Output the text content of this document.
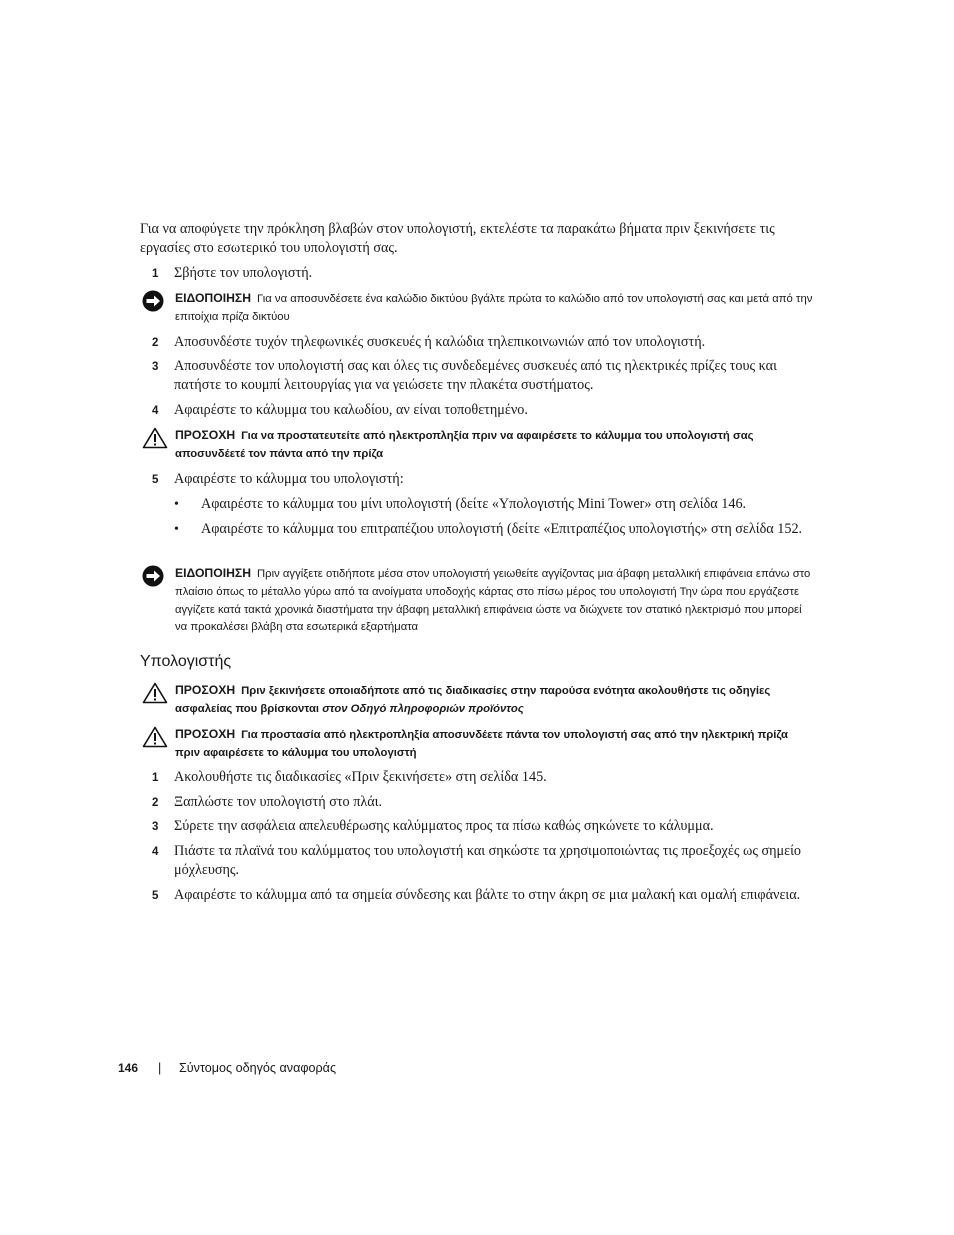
Για να αποφύγετε την πρόκληση βλαβών στον υπολογιστή, εκτελέστε τα παρακάτω βήματα πριν ξεκινήσετε τις εργασίες στο εσωτερικό του υπολογιστή σας.
1 Σβήστε τον υπολογιστή.
ΕΙΔΟΠΟΙΗΣΗ Για να αποσυνδέσετε ένα καλώδιο δικτύου βγάλτε πρώτα το καλώδιο από τον υπολογιστή σας και μετά από την επιτοίχια πρίζα δικτύου
2 Αποσυνδέστε τυχόν τηλεφωνικές συσκευές ή καλώδια τηλεπικοινωνιών από τον υπολογιστή.
3 Αποσυνδέστε τον υπολογιστή σας και όλες τις συνδεδεμένες συσκευές από τις ηλεκτρικές πρίζες τους και πατήστε το κουμπί λειτουργίας για να γειώσετε την πλακέτα συστήματος.
4 Αφαιρέστε το κάλυμμα του καλωδίου, αν είναι τοποθετημένο.
ΠΡΟΣΟΧΗ Για να προστατευτείτε από ηλεκτροπληξία πριν να αφαιρέσετε το κάλυμμα του υπολογιστή σας αποσυνδέετέ τον πάντα από την πρίζα
5 Αφαιρέστε το κάλυμμα του υπολογιστή:
• Αφαιρέστε το κάλυμμα του μίνι υπολογιστή (δείτε «Υπολογιστής Mini Tower» στη σελίδα 146.
• Αφαιρέστε το κάλυμμα του επιτραπέζιου υπολογιστή (δείτε «Επιτραπέζιος υπολογιστής» στη σελίδα 152.
ΕΙΔΟΠΟΙΗΣΗ Πριν αγγίξετε οτιδήποτε μέσα στον υπολογιστή γειωθείτε αγγίζοντας μια άβαφη μεταλλική επιφάνεια επάνω στο πλαίσιο όπως το μέταλλο γύρω από τα ανοίγματα υποδοχής κάρτας στο πίσω μέρος του υπολογιστή Την ώρα που εργάζεστε αγγίζετε κατά τακτά χρονικά διαστήματα την άβαφη μεταλλική επιφάνεια ώστε να διώχνετε τον στατικό ηλεκτρισμό που μπορεί να προκαλέσει βλάβη στα εσωτερικά εξαρτήματα
Υπολογιστής
ΠΡΟΣΟΧΗ Πριν ξεκινήσετε οποιαδήποτε από τις διαδικασίες στην παρούσα ενότητα ακολουθήστε τις οδηγίες ασφαλείας που βρίσκονται στον Οδηγό πληροφοριών προϊόντος
ΠΡΟΣΟΧΗ Για προστασία από ηλεκτροπληξία αποσυνδέετε πάντα τον υπολογιστή σας από την ηλεκτρική πρίζα πριν αφαιρέσετε το κάλυμμα του υπολογιστή
1 Ακολουθήστε τις διαδικασίες «Πριν ξεκινήσετε» στη σελίδα 145.
2 Ξαπλώστε τον υπολογιστή στο πλάι.
3 Σύρετε την ασφάλεια απελευθέρωσης καλύμματος προς τα πίσω καθώς σηκώνετε το κάλυμμα.
4 Πιάστε τα πλαϊνά του καλύμματος του υπολογιστή και σηκώστε τα χρησιμοποιώντας τις προεξοχές ως σημείο μόχλευσης.
5 Αφαιρέστε το κάλυμμα από τα σημεία σύνδεσης και βάλτε το στην άκρη σε μια μαλακή και ομαλή επιφάνεια.
146 | Σύντομος οδηγός αναφοράς
